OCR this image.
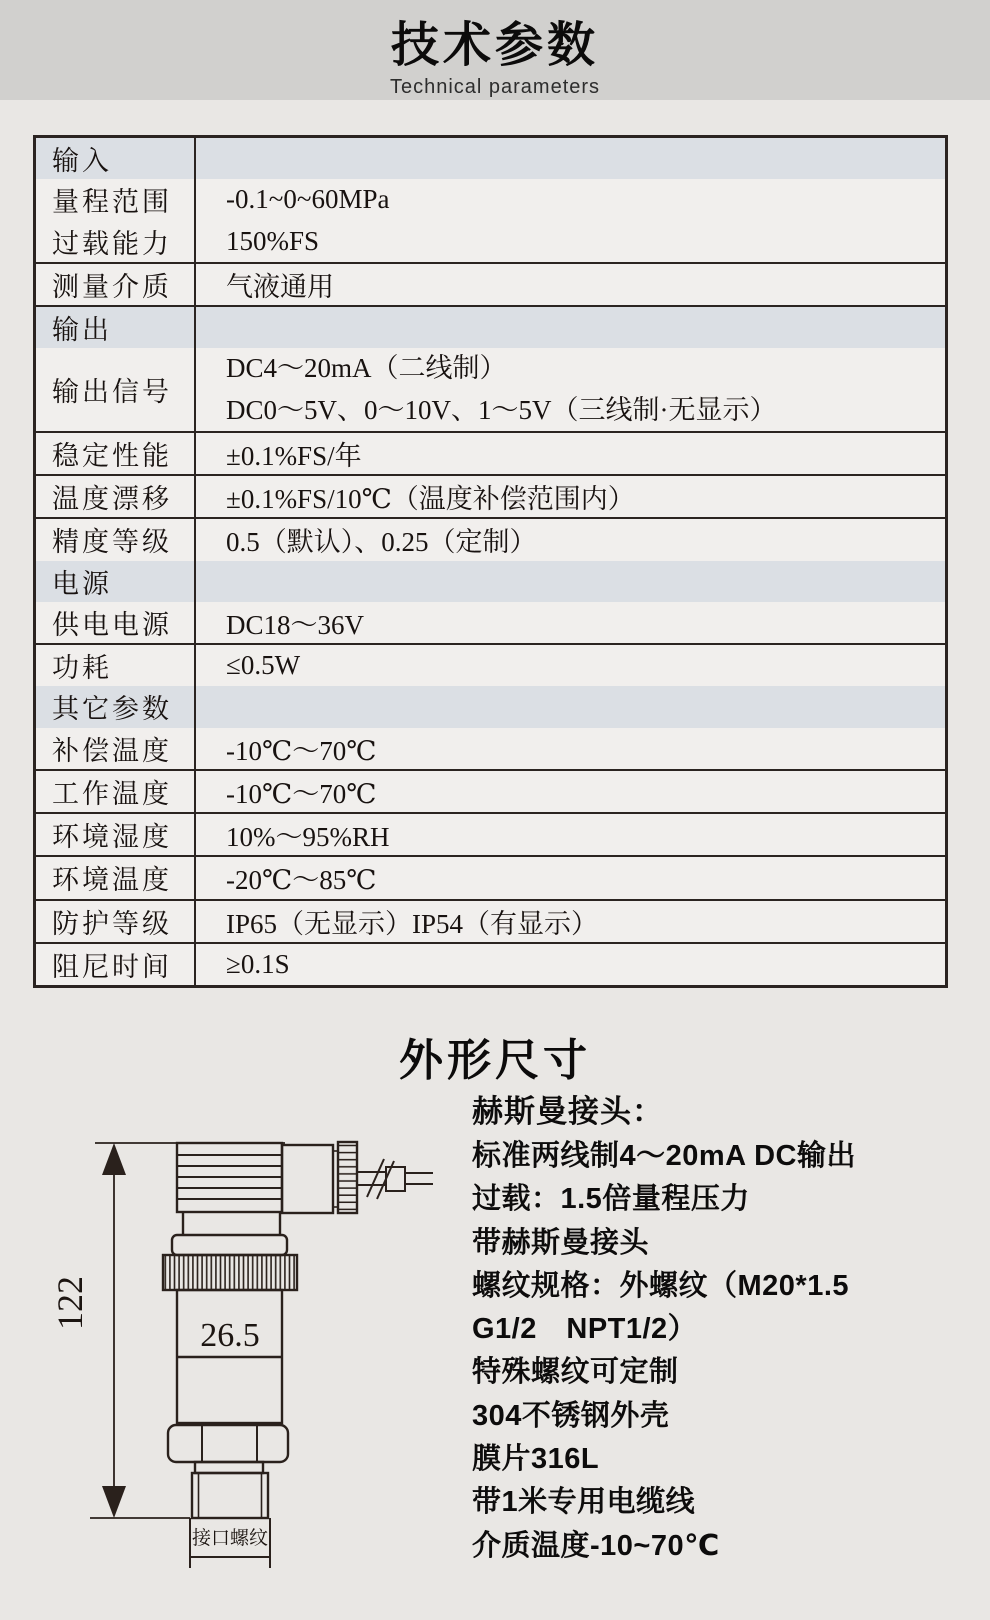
技术参数
Technical parameters
输入
量程范围	-0.1~0~60MPa
过载能力	150%FS
测量介质	气液通用
输出
输出信号
DC4～20mA（二线制）
DC0～5V、0～10V、1～5V（三线制·无显示）
稳定性能	±0.1%FS/年
温度漂移	±0.1%FS/10℃（温度补偿范围内）
精度等级	0.5（默认）、0.25（定制）
电源
供电电源	DC18～36V
功耗	≤0.5W
其它参数
补偿温度	-10℃～70℃
工作温度	-10℃～70℃
环境湿度	10%～95%RH
环境温度	-20℃～85℃
防护等级	IP65（无显示）IP54（有显示）
阻尼时间	≥0.1S
外形尺寸
122
26.5
接口螺纹
赫斯曼接头：
标准两线制4～20mA DC输出
过载：1.5倍量程压力
带赫斯曼接头
螺纹规格：外螺纹（M20*1.5
G1/2　NPT1/2）
特殊螺纹可定制
304不锈钢外壳
膜片316L
带1米专用电缆线
介质温度-10~70℃
